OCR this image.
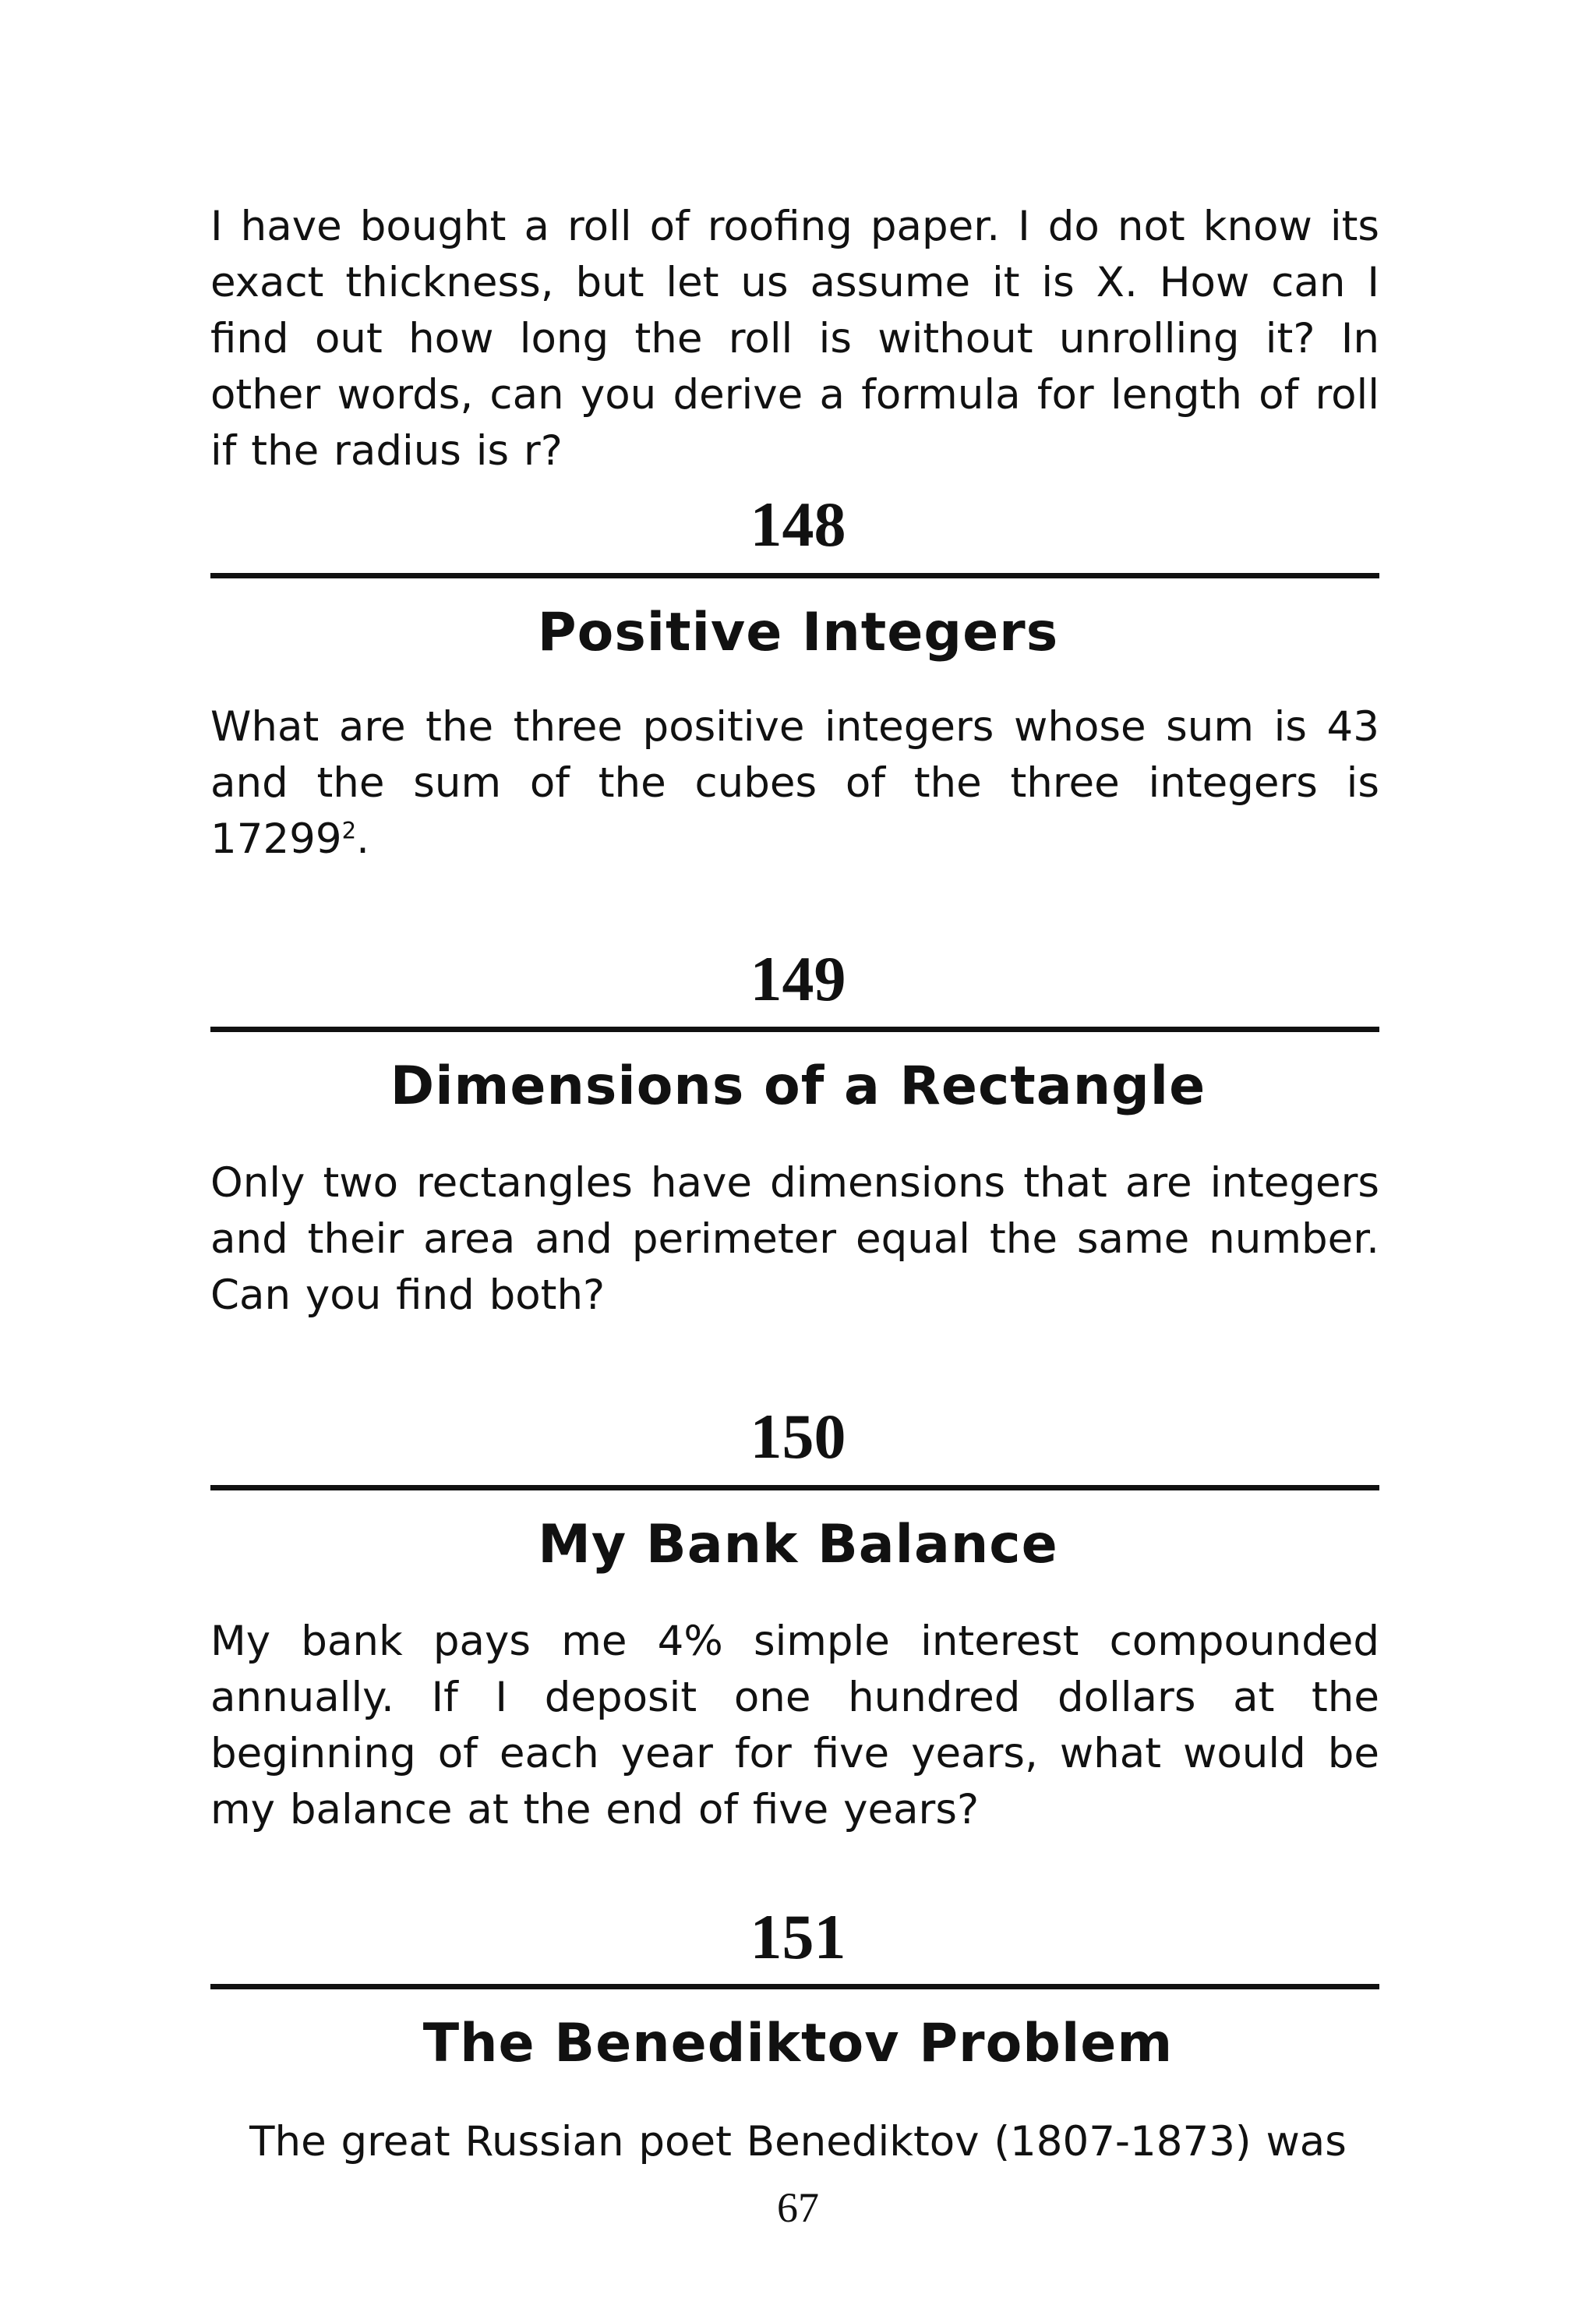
I have bought a roll of roofing paper. I do not know its exact thickness, but let us assume it is X. How can I find out how long the roll is without unrolling it? In other words, can you derive a formula for length of roll if the radius is r?

148

Positive Integers

What are the three positive integers whose sum is 43 and the sum of the cubes of the three integers is 17299$^2$.

149

Dimensions of a Rectangle

Only two rectangles have dimensions that are integers and their area and perimeter equal the same number. Can you find both?

150

My Bank Balance

My bank pays me 4% simple interest compounded annually. If I deposit one hundred dollars at the beginning of each year for five years, what would be my balance at the end of five years?

151

The Benediktov Problem

The great Russian poet Benediktov (1807-1873) was

67
